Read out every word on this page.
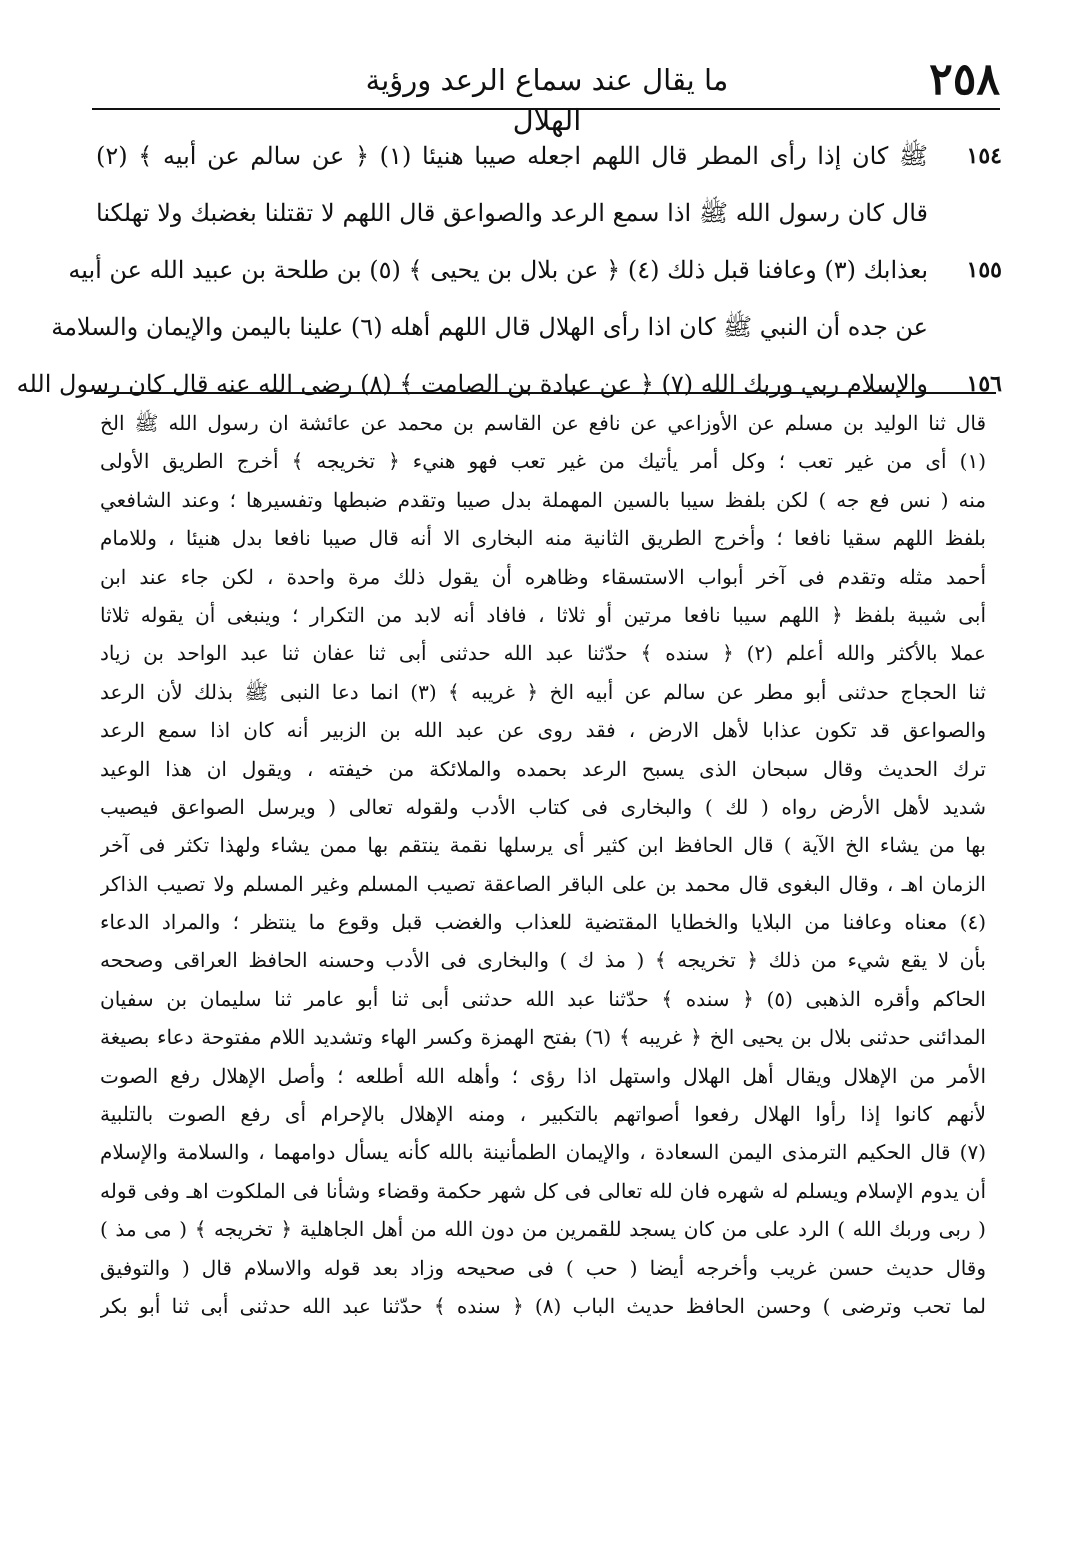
٢٥٨
ما يقال عند سماع الرعد ورؤية الهلال
١٥٤
ﷺ كان إذا رأى المطر قال اللهم اجعله صيبا هنيئا (١) ﴿ عن سالم عن أبيه ﴾ (٢)
قال كان رسول الله ﷺ اذا سمع الرعد والصواعق قال اللهم لا تقتلنا بغضبك ولا تهلكنا
١٥٥
بعذابك (٣) وعافنا قبل ذلك (٤) ﴿ عن بلال بن يحيى ﴾ (٥) بن طلحة بن عبيد الله عن أبيه
عن جده أن النبي ﷺ كان اذا رأى الهلال قال اللهم أهله (٦) علينا باليمن والإيمان والسلامة
١٥٦
والإسلام ربي وربك الله (٧) ﴿ عن عبادة بن الصامت ﴾ (٨) رضى الله عنه قال كان رسول الله
قال ثنا الوليد بن مسلم عن الأوزاعي عن نافع عن القاسم بن محمد عن عائشة ان رسول الله ﷺ الخ
(١) أى من غير تعب ؛ وكل أمر يأتيك من غير تعب فهو هنيء ﴿ تخريجه ﴾ أخرج الطريق الأولى
منه ( نس فع جه ) لكن بلفظ سيبا بالسين المهملة بدل صيبا وتقدم ضبطها وتفسيرها ؛ وعند الشافعي
بلفظ اللهم سقيا نافعا ؛ وأخرج الطريق الثانية منه البخارى الا أنه قال صيبا نافعا بدل هنيئا ، وللامام
أحمد مثله وتقدم فى آخر أبواب الاستسقاء وظاهره أن يقول ذلك مرة واحدة ، لكن جاء عند ابن
أبى شيبة بلفظ ﴿ اللهم سيبا نافعا مرتين أو ثلاثا ، فافاد أنه لابد من التكرار ؛ وينبغى أن يقوله ثلاثا
عملا بالأكثر والله أعلم (٢) ﴿ سنده ﴾ حدّثنا عبد الله حدثنى أبى ثنا عفان ثنا عبد الواحد بن زياد
ثنا الحجاج حدثنى أبو مطر عن سالم عن أبيه الخ ﴿ غريبه ﴾ (٣) انما دعا النبى ﷺ بذلك لأن الرعد
والصواعق قد تكون عذابا لأهل الارض ، فقد روى عن عبد الله بن الزبير أنه كان اذا سمع الرعد
ترك الحديث وقال سبحان الذى يسبح الرعد بحمده والملائكة من خيفته ، ويقول ان هذا الوعيد
شديد لأهل الأرض رواه ( لك ) والبخارى فى كتاب الأدب ولقوله تعالى ( ويرسل الصواعق فيصيب
بها من يشاء الخ الآية ) قال الحافظ ابن كثير أى يرسلها نقمة ينتقم بها ممن يشاء ولهذا تكثر فى آخر
الزمان اهـ ، وقال البغوى قال محمد بن على الباقر الصاعقة تصيب المسلم وغير المسلم ولا تصيب الذاكر
(٤) معناه وعافنا من البلايا والخطايا المقتضية للعذاب والغضب قبل وقوع ما ينتظر ؛ والمراد الدعاء
بأن لا يقع شيء من ذلك ﴿ تخريجه ﴾ ( مذ ك ) والبخارى فى الأدب وحسنه الحافظ العراقى وصححه
الحاكم وأقره الذهبى (٥) ﴿ سنده ﴾ حدّثنا عبد الله حدثنى أبى ثنا أبو عامر ثنا سليمان بن سفيان
المدائنى حدثنى بلال بن يحيى الخ ﴿ غريبه ﴾ (٦) بفتح الهمزة وكسر الهاء وتشديد اللام مفتوحة دعاء بصيغة
الأمر من الإهلال ويقال أهل الهلال واستهل اذا رؤى ؛ وأهله الله أطلعه ؛ وأصل الإهلال رفع الصوت
لأنهم كانوا إذا رأوا الهلال رفعوا أصواتهم بالتكبير ، ومنه الإهلال بالإحرام أى رفع الصوت بالتلبية
(٧) قال الحكيم الترمذى اليمن السعادة ، والإيمان الطمأنينة بالله كأنه يسأل دوامهما ، والسلامة والإسلام
أن يدوم الإسلام ويسلم له شهره فان لله تعالى فى كل شهر حكمة وقضاء وشأنا فى الملكوت اهـ وفى قوله
( ربى وربك الله ) الرد على من كان يسجد للقمرين من دون الله من أهل الجاهلية ﴿ تخريجه ﴾ ( مى مذ )
وقال حديث حسن غريب وأخرجه أيضا ( حب ) فى صحيحه وزاد بعد قوله والاسلام قال ( والتوفيق
لما تحب وترضى ) وحسن الحافظ حديث الباب (٨) ﴿ سنده ﴾ حدّثنا عبد الله حدثنى أبى ثنا أبو بكر
